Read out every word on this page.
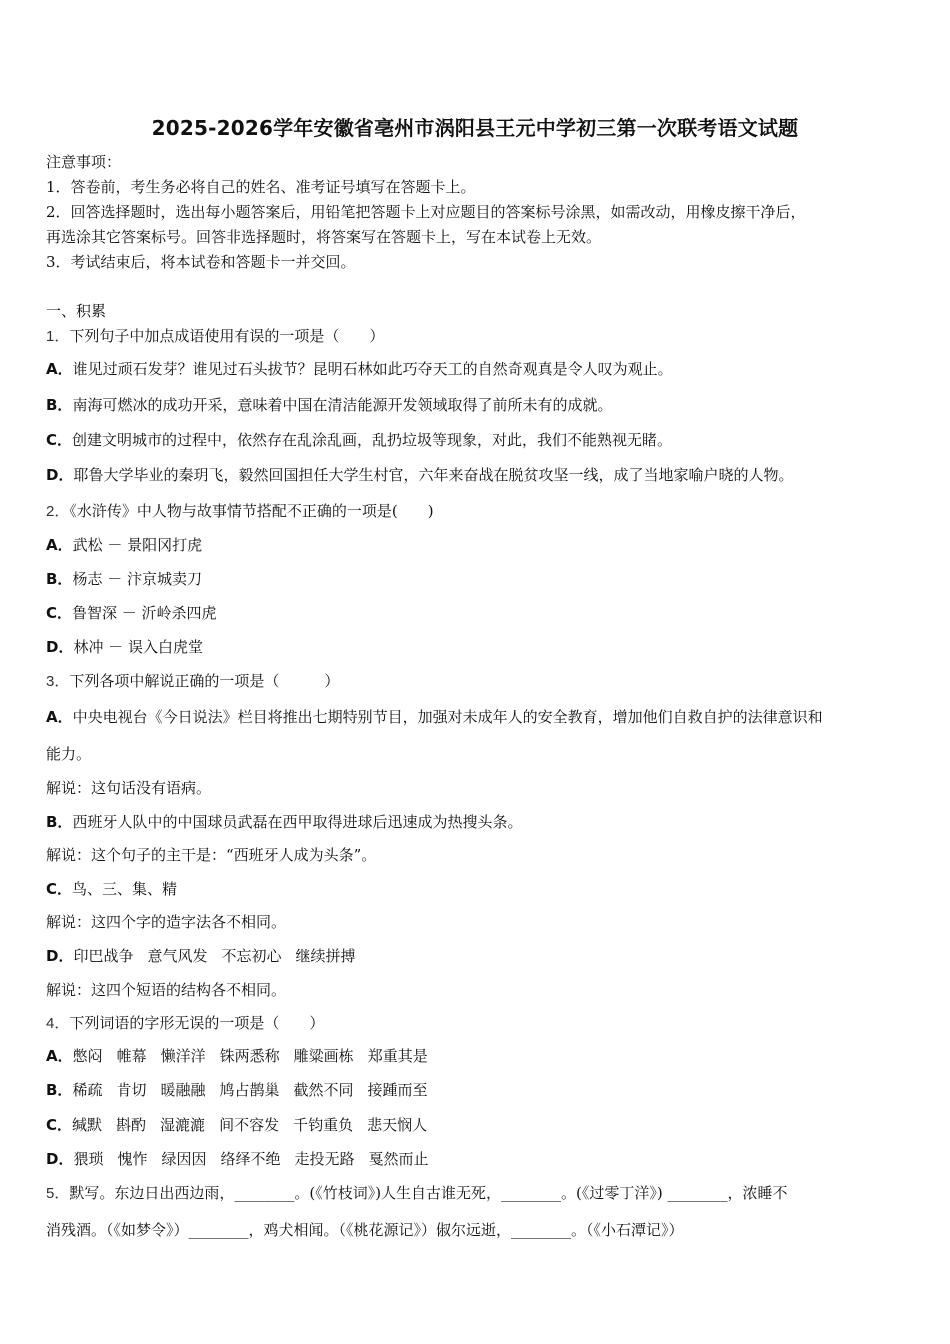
2025-2026学年安徽省亳州市涡阳县王元中学初三第一次联考语文试题
注意事项：
1．答卷前，考生务必将自己的姓名、准考证号填写在答题卡上。
2．回答选择题时，选出每小题答案后，用铅笔把答题卡上对应题目的答案标号涂黑，如需改动，用橡皮擦干净后，
再选涂其它答案标号。回答非选择题时，将答案写在答题卡上，写在本试卷上无效。
3．考试结束后，将本试卷和答题卡一并交回。
一、积累
1．下列句子中加点成语使用有误的一项是（　　）
A．谁见过顽石发芽？谁见过石头拔节？昆明石林如此巧夺天工的自然奇观真是令人叹为观止。
B．南海可燃冰的成功开采，意味着中国在清洁能源开发领域取得了前所未有的成就。
C．创建文明城市的过程中，依然存在乱涂乱画，乱扔垃圾等现象，对此，我们不能熟视无睹。
D．耶鲁大学毕业的秦玥飞，毅然回国担任大学生村官，六年来奋战在脱贫攻坚一线，成了当地家喻户晓的人物。
2．《水浒传》中人物与故事情节搭配不正确的一项是(　　)
A．武松 － 景阳冈打虎
B．杨志 － 汴京城卖刀
C．鲁智深 － 沂岭杀四虎
D．林冲 － 误入白虎堂
3．下列各项中解说正确的一项是（　　　）
A．中央电视台《今日说法》栏目将推出七期特别节目，加强对未成年人的安全教育，增加他们自救自护的法律意识和
能力。
解说：这句话没有语病。
B．西班牙人队中的中国球员武磊在西甲取得进球后迅速成为热搜头条。
解说：这个句子的主干是：“西班牙人成为头条”。
C．鸟、三、集、精
解说：这四个字的造字法各不相同。
D．印巴战争 意气风发 不忘初心 继续拼搏
解说：这四个短语的结构各不相同。
4．下列词语的字形无误的一项是（　　）
A．憋闷 帷幕 懒洋洋 铢两悉称 雕粱画栋 郑重其是
B．稀疏 肯切 暖融融 鸠占鹊巢 截然不同 接踵而至
C．缄默 斟酌 湿漉漉 间不容发 千钧重负 悲天悯人
D．猥琐 愧怍 绿因因 络绎不绝 走投无路 戛然而止
5．默写。东边日出西边雨，________。(《竹枝词》)人生自古谁无死，________。(《过零丁洋》) ________，浓睡不
消残酒。（《如梦令》）________，鸡犬相闻。（《桃花源记》）俶尔远逝，________。（《小石潭记》）
